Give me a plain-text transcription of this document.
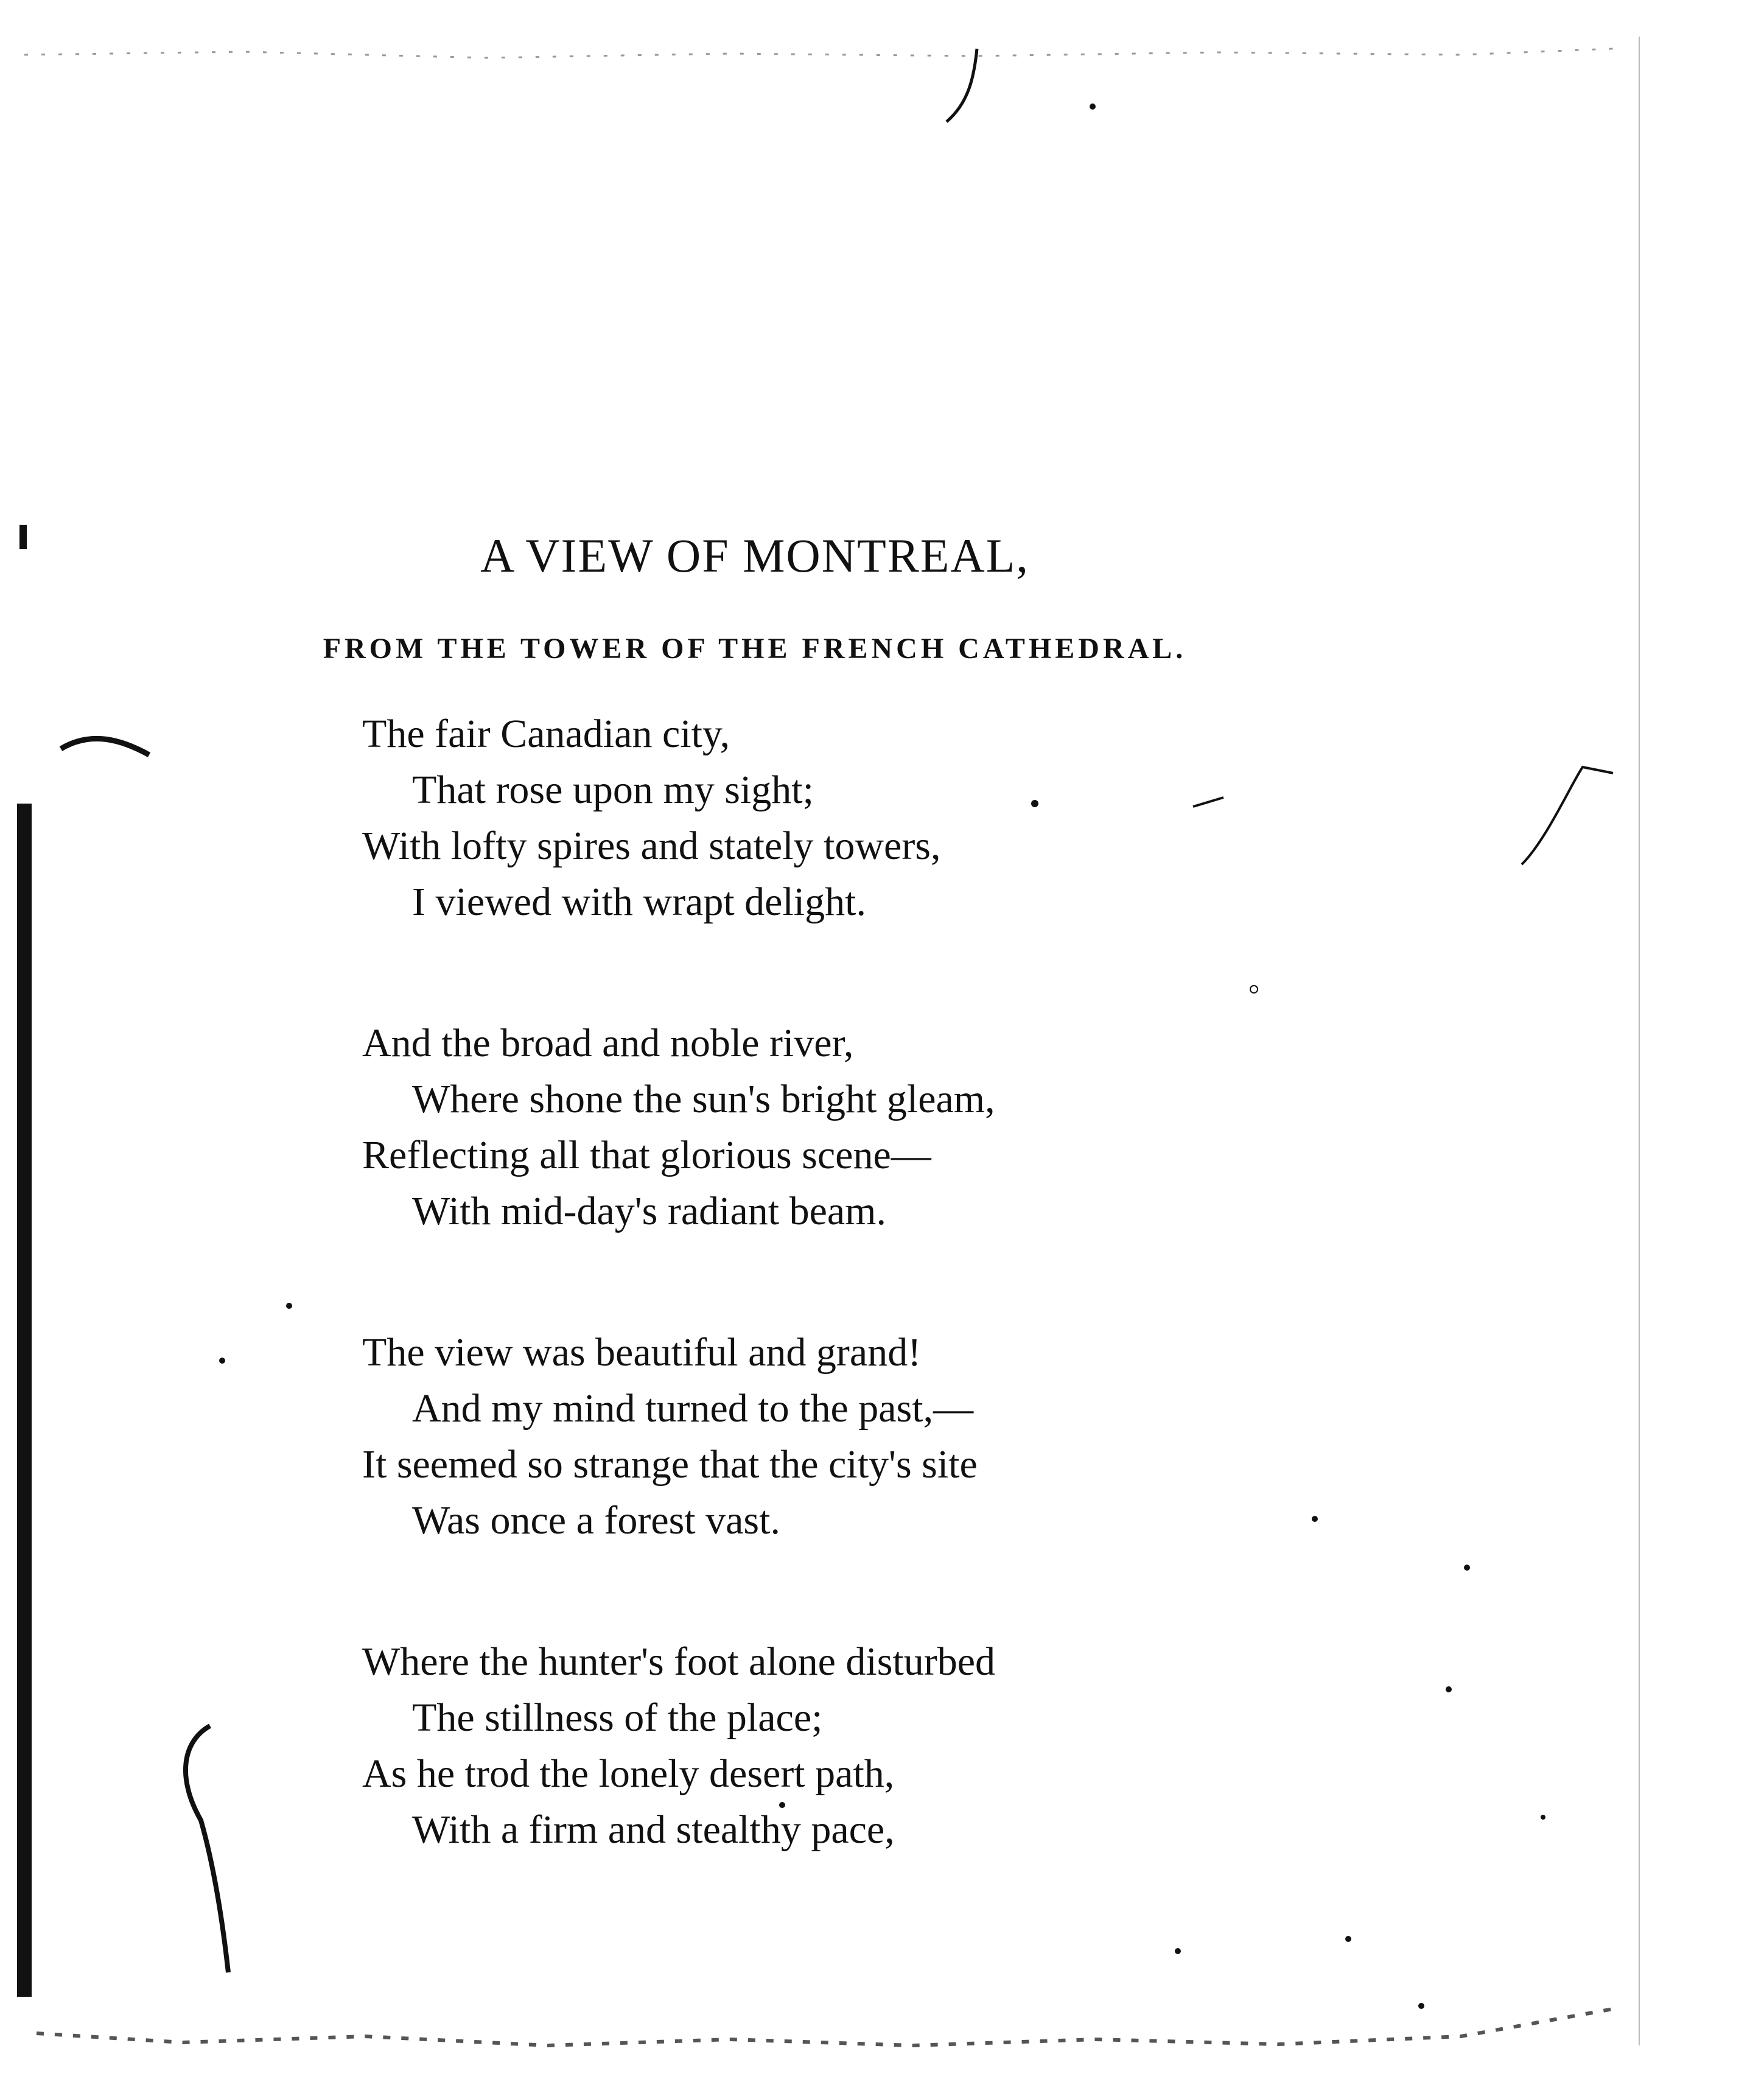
A VIEW OF MONTREAL,
FROM THE TOWER OF THE FRENCH CATHEDRAL.
The fair Canadian city,
That rose upon my sight;
With lofty spires and stately towers,
I viewed with wrapt delight.
And the broad and noble river,
Where shone the sun's bright gleam,
Reflecting all that glorious scene—
With mid-day's radiant beam.
The view was beautiful and grand!
And my mind turned to the past,—
It seemed so strange that the city's site
Was once a forest vast.
Where the hunter's foot alone disturbed
The stillness of the place;
As he trod the lonely desert path,
With a firm and stealthy pace,
